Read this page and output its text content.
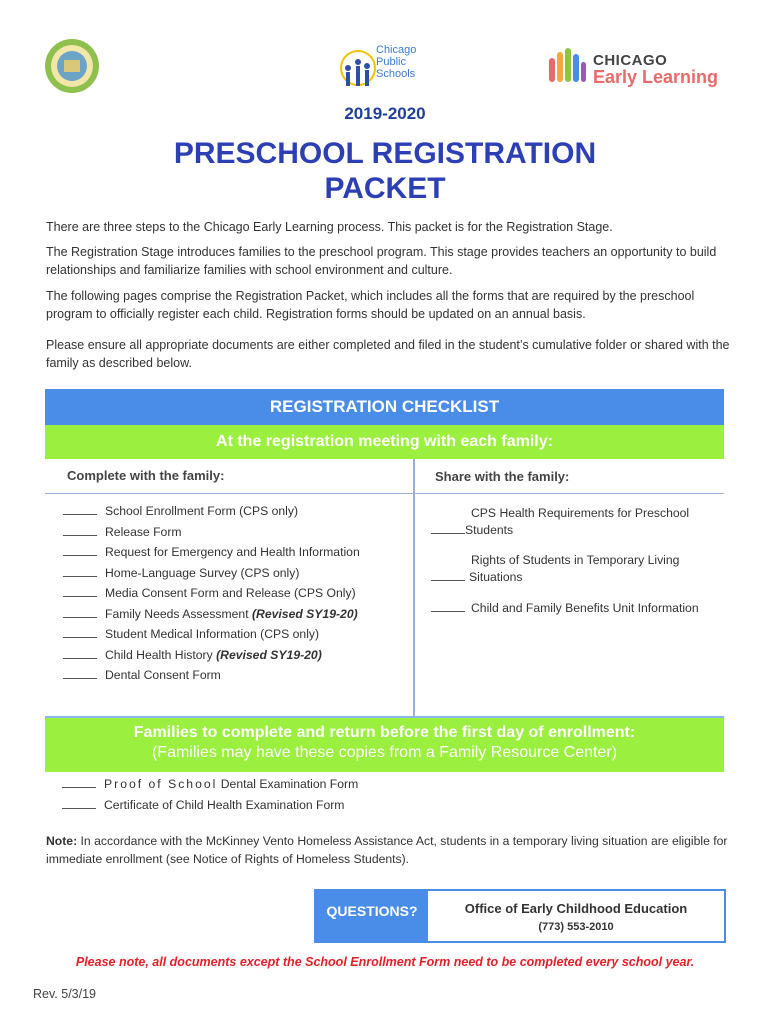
Chicago
Public
Schools
CHICAGO
Early Learning
2019-2020
PRESCHOOL REGISTRATION
PACKET
There are three steps to the Chicago Early Learning process. This packet is for the Registration Stage.
The Registration Stage introduces families to the preschool program. This stage provides teachers an opportunity to build relationships and familiarize families with school environment and culture.
The following pages comprise the Registration Packet, which includes all the forms that are required by the preschool program to officially register each child. Registration forms should be updated on an annual basis.
Please ensure all appropriate documents are either completed and filed in the student’s cumulative folder or shared with the family as described below.
REGISTRATION CHECKLIST
At the registration meeting with each family:
Complete with the family:	Share with the family:
School Enrollment Form (CPS only)
Release Form
Request for Emergency and Health Information
Home-Language Survey (CPS only)
Media Consent Form and Release (CPS Only)
Family Needs Assessment (Revised SY19-20)
Student Medical Information (CPS only)
Child Health History (Revised SY19-20)
Dental Consent Form
CPS Health Requirements for Preschool
Students
Rights of Students in Temporary Living
Situations
Child and Family Benefits Unit Information
Families to complete and return before the first day of enrollment:
(Families may have these copies from a Family Resource Center)
Proof of School Dental Examination Form
Certificate of Child Health Examination Form
Note: In accordance with the McKinney Vento Homeless Assistance Act, students in a temporary living situation are eligible for immediate enrollment (see Notice of Rights of Homeless Students).
QUESTIONS?	Office of Early Childhood Education
(773) 553-2010
Please note, all documents except the School Enrollment Form need to be completed every school year.
Rev. 5/3/19
